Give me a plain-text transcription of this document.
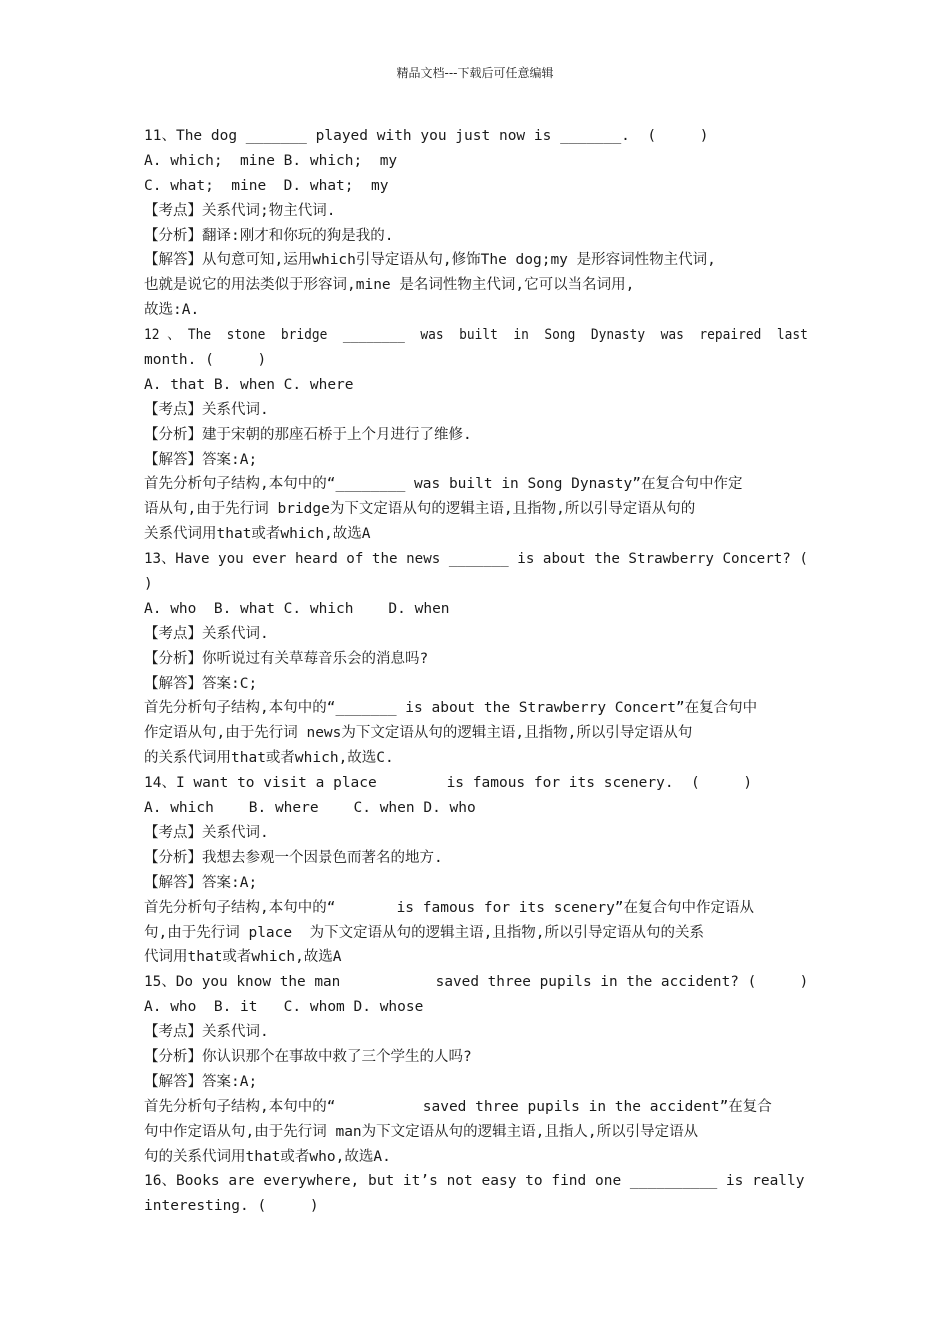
精品文档---下载后可任意编辑
11、The dog _______ played with you just now is _______.  (     )
A. which;  mine B. which;  my
C. what;  mine  D. what;  my
【考点】关系代词;物主代词.
【分析】翻译:刚才和你玩的狗是我的.
【解答】从句意可知,运用which引导定语从句,修饰The dog;my 是形容词性物主代词,
也就是说它的用法类似于形容词,mine 是名词性物主代词,它可以当名词用,
故选:A.
12 、 The  stone  bridge  ________  was  built  in  Song  Dynasty  was  repaired  last
month. (     )
A. that B. when C. where
【考点】关系代词.
【分析】建于宋朝的那座石桥于上个月进行了维修.
【解答】答案:A;
首先分析句子结构,本句中的“________ was built in Song Dynasty”在复合句中作定
语从句,由于先行词 bridge为下文定语从句的逻辑主语,且指物,所以引导定语从句的
关系代词用that或者which,故选A
13、Have you ever heard of the news _______ is about the Strawberry Concert? (
)
A. who  B. what C. which    D. when
【考点】关系代词.
【分析】你听说过有关草莓音乐会的消息吗?
【解答】答案:C;
首先分析句子结构,本句中的“_______ is about the Strawberry Concert”在复合句中
作定语从句,由于先行词 news为下文定语从句的逻辑主语,且指物,所以引导定语从句
的关系代词用that或者which,故选C.
14、I want to visit a place        is famous for its scenery.  (     )
A. which    B. where    C. when D. who
【考点】关系代词.
【分析】我想去参观一个因景色而著名的地方.
【解答】答案:A;
首先分析句子结构,本句中的“       is famous for its scenery”在复合句中作定语从
句,由于先行词 place  为下文定语从句的逻辑主语,且指物,所以引导定语从句的关系
代词用that或者which,故选A
15、Do you know the man           saved three pupils in the accident? (     )
A. who  B. it   C. whom D. whose
【考点】关系代词.
【分析】你认识那个在事故中救了三个学生的人吗?
【解答】答案:A;
首先分析句子结构,本句中的“          saved three pupils in the accident”在复合
句中作定语从句,由于先行词 man为下文定语从句的逻辑主语,且指人,所以引导定语从
句的关系代词用that或者who,故选A.
16、Books are everywhere, but it’s not easy to find one __________ is really
interesting. (     )
